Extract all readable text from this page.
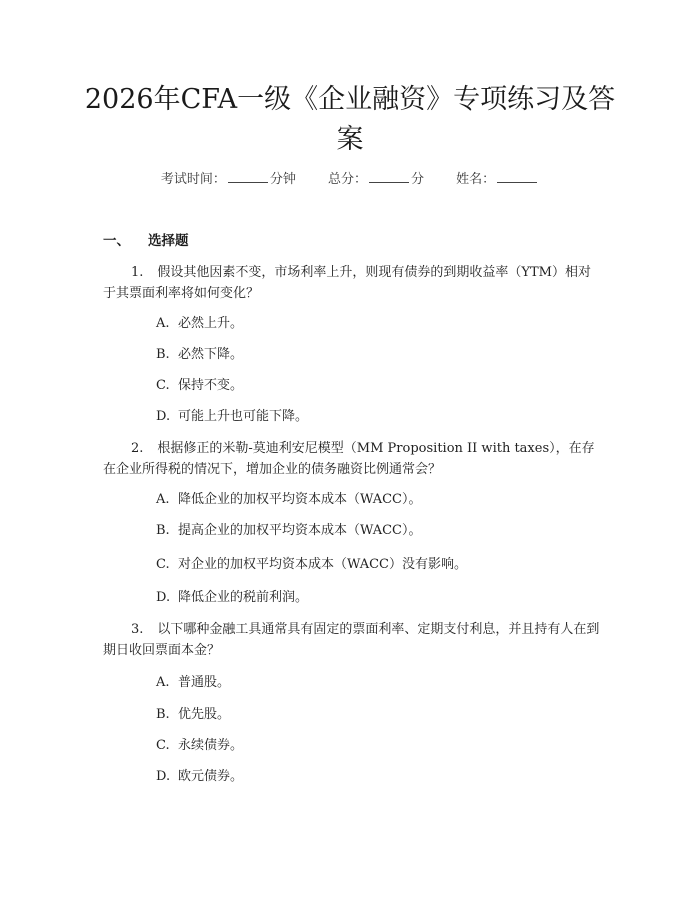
2026年CFA一级《企业融资》专项练习及答案
考试时间：	分钟 总分：	分 姓名：
一、 选择题

1. 假设其他因素不变，市场利率上升，则现有债券的到期收益率（YTM）相对于其票面利率将如何变化？

A. 必然上升。
B. 必然下降。
C. 保持不变。
D. 可能上升也可能下降。

2. 根据修正的米勒-莫迪利安尼模型（MM Proposition II with taxes），在存在企业所得税的情况下，增加企业的债务融资比例通常会？

A. 降低企业的加权平均资本成本（WACC）。
B. 提高企业的加权平均资本成本（WACC）。
C. 对企业的加权平均资本成本（WACC）没有影响。
D. 降低企业的税前利润。

3. 以下哪种金融工具通常具有固定的票面利率、定期支付利息，并且持有人在到期日收回票面本金？

A. 普通股。
B. 优先股。
C. 永续债券。
D. 欧元债券。
